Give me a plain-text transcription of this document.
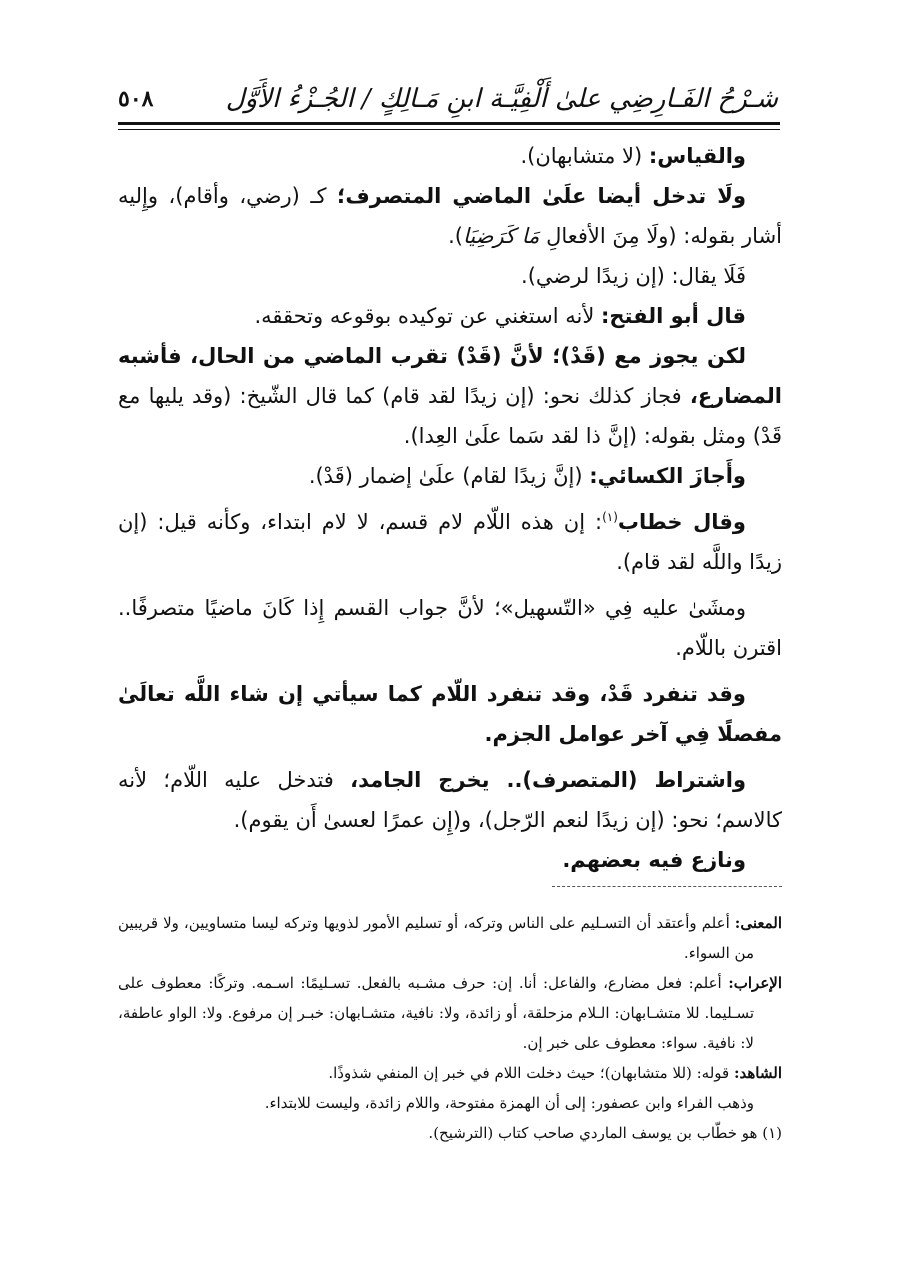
شـرْحُ الفَـارِضِي علىٰ أَلْفِيَّـة ابنِ مَـالِكٍ / الجُـزْءُ الأَوَّل
٥٠٨

والقياس: (لا متشابهان).

ولَا تدخل أيضا علَىٰ الماضي المتصرف؛ كـ (رضي، وأقام)، وإِليه أشار بقوله: (ولَا مِنَ الأفعالِ مَا كَرَضِيَا).

فَلَا يقال: (إن زيدًا لرضي).

قال أبو الفتح: لأنه استغني عن توكيده بوقوعه وتحققه.

لكن يجوز مع (قَدْ)؛ لأنَّ (قَدْ) تقرب الماضي من الحال، فأشبه المضارع، فجاز كذلك نحو: (إن زيدًا لقد قام) كما قال الشّيخ: (وقد يليها مع قَدْ) ومثل بقوله: (إنَّ ذا لقد سَما علَىٰ العِدا).

وأَجازَ الكسائي: (إنَّ زيدًا لقام) علَىٰ إضمار (قَدْ).

وقال خطاب$^{(١)}$: إن هذه اللّام لام قسم، لا لام ابتداء، وكأنه قيل: (إن زيدًا واللَّه لقد قام).

ومشَىٰ عليه فِي «التّسهيل»؛ لأنَّ جواب القسم إِذا كَانَ ماضيًا متصرفًا.. اقترن باللّام.

وقد تنفرد قَدْ، وقد تنفرد اللّام كما سيأتي إن شاء اللَّه تعالَىٰ مفصلًا فِي آخر عوامل الجزم.

واشتراط (المتصرف).. يخرج الجامد، فتدخل عليه اللّام؛ لأنه كالاسم؛ نحو: (إن زيدًا لنعم الرّجل)، و(إِن عمرًا لعسىٰ أَن يقوم).

ونازع فيه بعضهم.

المعنى: أعلم وأعتقد أن التسـليم على الناس وتركه، أو تسليم الأمور لذويها وتركه ليسا متساويين، ولا قريبين من السواء.

الإعراب: أعلم: فعل مضارع، والفاعل: أنا. إن: حرف مشـبه بالفعل. تسـليمًا: اسـمه. وتركًا: معطوف على تسـليما. للا متشـابهان: الـلام مزحلقة، أو زائدة، ولا: نافية، متشـابهان: خبـر إن مرفوع. ولا: الواو عاطفة، لا: نافية. سواء: معطوف على خبر إن.

الشاهد: قوله: (للا متشابهان)؛ حيث دخلت اللام في خبر إن المنفي شذوذًا.

وذهب الفراء وابن عصفور: إلى أن الهمزة مفتوحة، واللام زائدة، وليست للابتداء.

(١) هو خطّاب بن يوسف الماردي صاحب كتاب (الترشيح).
